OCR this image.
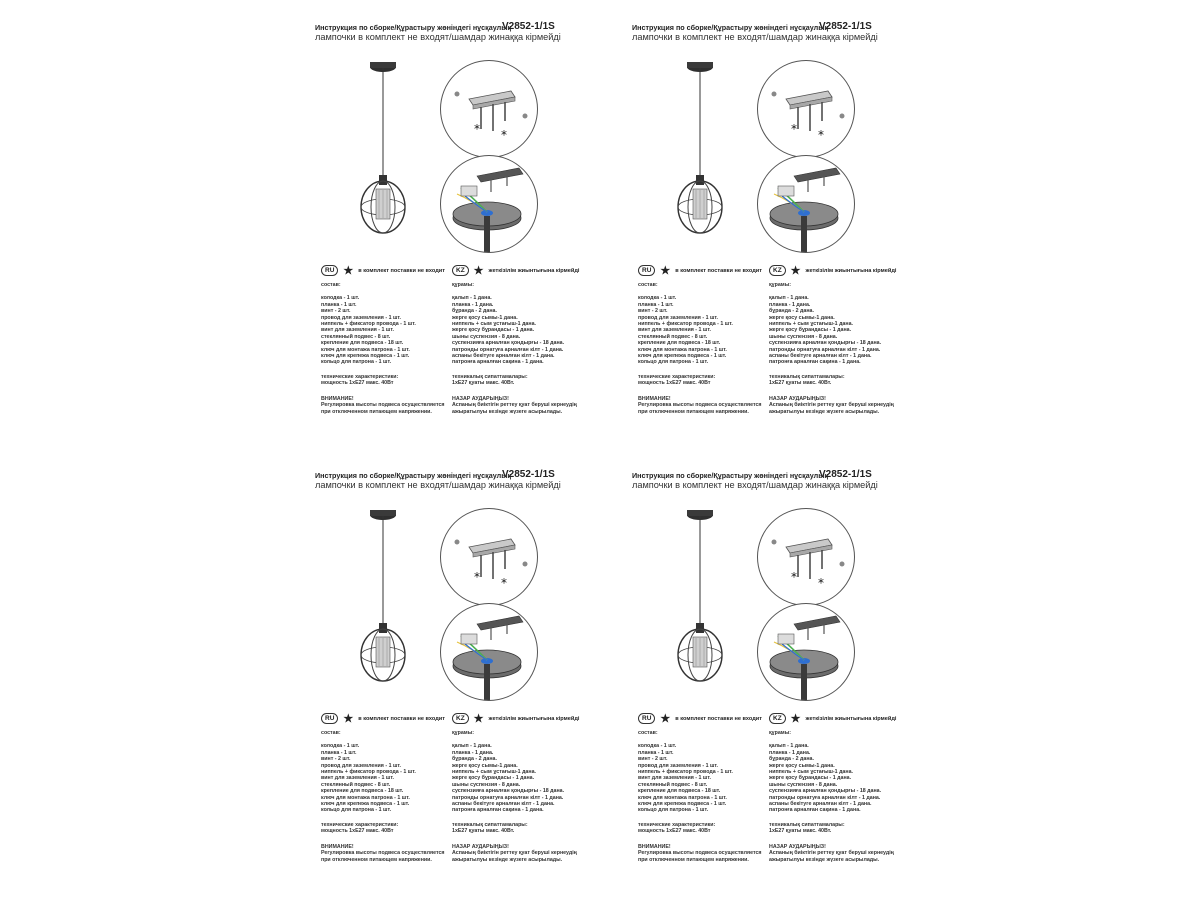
Инструкция по сборке/Құрастыру жөніндегі нұсқаулық
V2852-1/1S
лампочки в комплект не входят/шамдар жинаққа кірмейді
* *
RU ★ в комплект поставки не входит	KZ ★ жеткізілім жиынтығына кірмейді
состав:
колодка - 1 шт.
планка - 1 шт.
винт - 2 шт.
провод для заземления - 1 шт.
ниппель + фиксатор провода - 1 шт.
винт для заземления - 1 шт.
стеклянный подвес - 8 шт.
крепление для подвеса - 18 шт.
ключ для монтажа патрона - 1 шт.
ключ для крепежа подвеса - 1 шт.
кольцо для патрона - 1 шт.
технические характеристики:
мощность 1хE27 макс. 40Вт
ВНИМАНИЕ!
Регулировка высоты подвеса осуществляется
при отключенном питающем напряжении.
құрамы:
қалып - 1 дана.
планка - 1 дана.
бұранда - 2 дана.
жерге қосу сымы-1 дана.
ниппель + сым ұстағыш-1 дана.
жерге қосу бұрандасы - 1 дана.
шыны суспензия - 8 дана.
суспензияға арналған қондырғы - 18 дана.
патронды орнатуға арналған кілт - 1 дана.
аспаны бекітуге арналған кілт - 1 дана.
патронға арналған сақина - 1 дана.
техникалық сипаттамалары:
1хE27 қуаты макс. 40Вт.
НАЗАР АУДАРЫҢЫЗ!
Аспаның биіктігін реттеу қуат беруші кернеудің
ажыратылуы кезінде жүзеге асырылады.
Инструкция по сборке/Құрастыру жөніндегі нұсқаулық
V2852-1/1S
лампочки в комплект не входят/шамдар жинаққа кірмейді
* *
RU ★ в комплект поставки не входит	KZ ★ жеткізілім жиынтығына кірмейді
состав:
колодка - 1 шт.
планка - 1 шт.
винт - 2 шт.
провод для заземления - 1 шт.
ниппель + фиксатор провода - 1 шт.
винт для заземления - 1 шт.
стеклянный подвес - 8 шт.
крепление для подвеса - 18 шт.
ключ для монтажа патрона - 1 шт.
ключ для крепежа подвеса - 1 шт.
кольцо для патрона - 1 шт.
технические характеристики:
мощность 1хE27 макс. 40Вт
ВНИМАНИЕ!
Регулировка высоты подвеса осуществляется
при отключенном питающем напряжении.
құрамы:
қалып - 1 дана.
планка - 1 дана.
бұранда - 2 дана.
жерге қосу сымы-1 дана.
ниппель + сым ұстағыш-1 дана.
жерге қосу бұрандасы - 1 дана.
шыны суспензия - 8 дана.
суспензияға арналған қондырғы - 18 дана.
патронды орнатуға арналған кілт - 1 дана.
аспаны бекітуге арналған кілт - 1 дана.
патронға арналған сақина - 1 дана.
техникалық сипаттамалары:
1хE27 қуаты макс. 40Вт.
НАЗАР АУДАРЫҢЫЗ!
Аспаның биіктігін реттеу қуат беруші кернеудің
ажыратылуы кезінде жүзеге асырылады.
Инструкция по сборке/Құрастыру жөніндегі нұсқаулық
V2852-1/1S
лампочки в комплект не входят/шамдар жинаққа кірмейді
* *
RU ★ в комплект поставки не входит	KZ ★ жеткізілім жиынтығына кірмейді
состав:
колодка - 1 шт.
планка - 1 шт.
винт - 2 шт.
провод для заземления - 1 шт.
ниппель + фиксатор провода - 1 шт.
винт для заземления - 1 шт.
стеклянный подвес - 8 шт.
крепление для подвеса - 18 шт.
ключ для монтажа патрона - 1 шт.
ключ для крепежа подвеса - 1 шт.
кольцо для патрона - 1 шт.
технические характеристики:
мощность 1хE27 макс. 40Вт
ВНИМАНИЕ!
Регулировка высоты подвеса осуществляется
при отключенном питающем напряжении.
құрамы:
қалып - 1 дана.
планка - 1 дана.
бұранда - 2 дана.
жерге қосу сымы-1 дана.
ниппель + сым ұстағыш-1 дана.
жерге қосу бұрандасы - 1 дана.
шыны суспензия - 8 дана.
суспензияға арналған қондырғы - 18 дана.
патронды орнатуға арналған кілт - 1 дана.
аспаны бекітуге арналған кілт - 1 дана.
патронға арналған сақина - 1 дана.
техникалық сипаттамалары:
1хE27 қуаты макс. 40Вт.
НАЗАР АУДАРЫҢЫЗ!
Аспаның биіктігін реттеу қуат беруші кернеудің
ажыратылуы кезінде жүзеге асырылады.
Инструкция по сборке/Құрастыру жөніндегі нұсқаулық
V2852-1/1S
лампочки в комплект не входят/шамдар жинаққа кірмейді
* *
RU ★ в комплект поставки не входит	KZ ★ жеткізілім жиынтығына кірмейді
состав:
колодка - 1 шт.
планка - 1 шт.
винт - 2 шт.
провод для заземления - 1 шт.
ниппель + фиксатор провода - 1 шт.
винт для заземления - 1 шт.
стеклянный подвес - 8 шт.
крепление для подвеса - 18 шт.
ключ для монтажа патрона - 1 шт.
ключ для крепежа подвеса - 1 шт.
кольцо для патрона - 1 шт.
технические характеристики:
мощность 1хE27 макс. 40Вт
ВНИМАНИЕ!
Регулировка высоты подвеса осуществляется
при отключенном питающем напряжении.
құрамы:
қалып - 1 дана.
планка - 1 дана.
бұранда - 2 дана.
жерге қосу сымы-1 дана.
ниппель + сым ұстағыш-1 дана.
жерге қосу бұрандасы - 1 дана.
шыны суспензия - 8 дана.
суспензияға арналған қондырғы - 18 дана.
патронды орнатуға арналған кілт - 1 дана.
аспаны бекітуге арналған кілт - 1 дана.
патронға арналған сақина - 1 дана.
техникалық сипаттамалары:
1хE27 қуаты макс. 40Вт.
НАЗАР АУДАРЫҢЫЗ!
Аспаның биіктігін реттеу қуат беруші кернеудің
ажыратылуы кезінде жүзеге асырылады.
